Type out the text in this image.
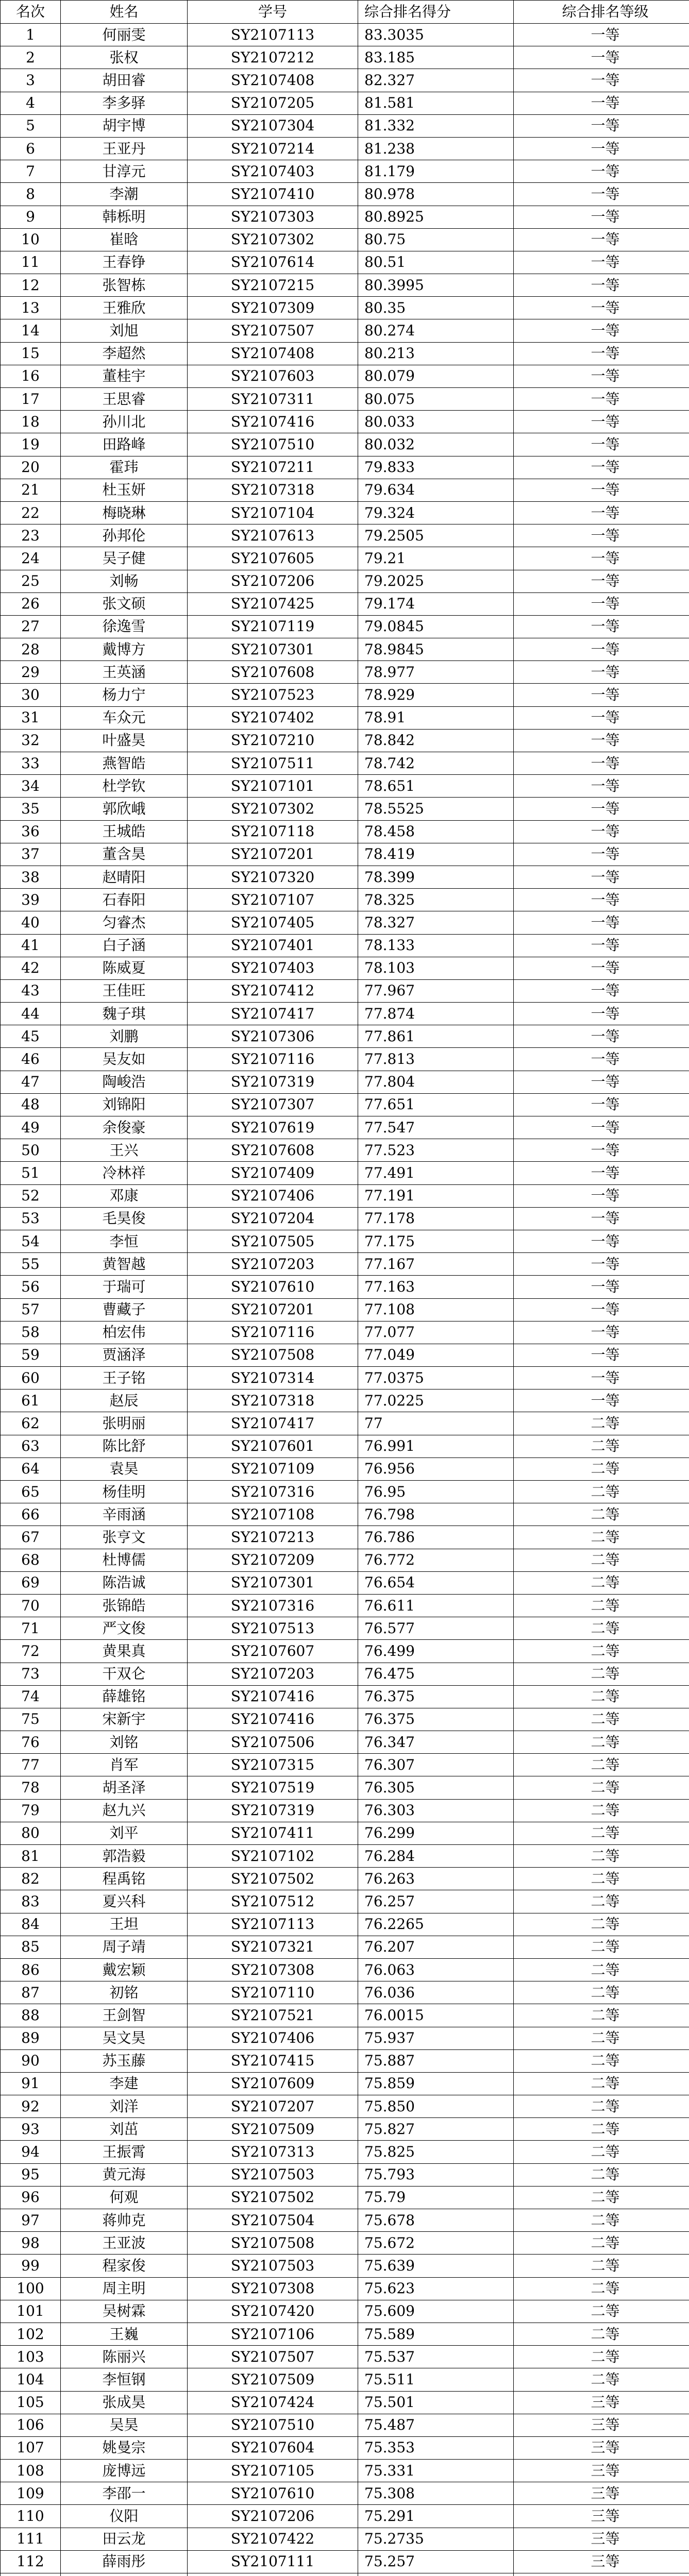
名次	姓名	学号	综合排名得分	综合排名等级
1	何丽雯	SY2107113	83.3035	一等
2	张权	SY2107212	83.185	一等
3	胡田睿	SY2107408	82.327	一等
4	李多驿	SY2107205	81.581	一等
5	胡宇博	SY2107304	81.332	一等
6	王亚丹	SY2107214	81.238	一等
7	甘淳元	SY2107403	81.179	一等
8	李潮	SY2107410	80.978	一等
9	韩栎明	SY2107303	80.8925	一等
10	崔晗	SY2107302	80.75	一等
11	王春铮	SY2107614	80.51	一等
12	张智栋	SY2107215	80.3995	一等
13	王雅欣	SY2107309	80.35	一等
14	刘旭	SY2107507	80.274	一等
15	李超然	SY2107408	80.213	一等
16	董桂宇	SY2107603	80.079	一等
17	王思睿	SY2107311	80.075	一等
18	孙川北	SY2107416	80.033	一等
19	田路峰	SY2107510	80.032	一等
20	霍玮	SY2107211	79.833	一等
21	杜玉妍	SY2107318	79.634	一等
22	梅晓琳	SY2107104	79.324	一等
23	孙邦伦	SY2107613	79.2505	一等
24	吴子健	SY2107605	79.21	一等
25	刘畅	SY2107206	79.2025	一等
26	张文硕	SY2107425	79.174	一等
27	徐逸雪	SY2107119	79.0845	一等
28	戴博方	SY2107301	78.9845	一等
29	王英涵	SY2107608	78.977	一等
30	杨力宁	SY2107523	78.929	一等
31	车众元	SY2107402	78.91	一等
32	叶盛昊	SY2107210	78.842	一等
33	燕智皓	SY2107511	78.742	一等
34	杜学钦	SY2107101	78.651	一等
35	郭欣峨	SY2107302	78.5525	一等
36	王城皓	SY2107118	78.458	一等
37	董含昊	SY2107201	78.419	一等
38	赵晴阳	SY2107320	78.399	一等
39	石春阳	SY2107107	78.325	一等
40	匀睿杰	SY2107405	78.327	一等
41	白子涵	SY2107401	78.133	一等
42	陈威夏	SY2107403	78.103	一等
43	王佳旺	SY2107412	77.967	一等
44	魏子琪	SY2107417	77.874	一等
45	刘鹏	SY2107306	77.861	一等
46	吴友如	SY2107116	77.813	一等
47	陶峻浩	SY2107319	77.804	一等
48	刘锦阳	SY2107307	77.651	一等
49	余俊豪	SY2107619	77.547	一等
50	王兴	SY2107608	77.523	一等
51	冷林祥	SY2107409	77.491	一等
52	邓康	SY2107406	77.191	一等
53	毛昊俊	SY2107204	77.178	一等
54	李恒	SY2107505	77.175	一等
55	黄智越	SY2107203	77.167	一等
56	于瑞可	SY2107610	77.163	一等
57	曹藏子	SY2107201	77.108	一等
58	柏宏伟	SY2107116	77.077	一等
59	贾涵泽	SY2107508	77.049	一等
60	王子铭	SY2107314	77.0375	一等
61	赵辰	SY2107318	77.0225	一等
62	张明丽	SY2107417	77	二等
63	陈比舒	SY2107601	76.991	二等
64	袁昊	SY2107109	76.956	二等
65	杨佳明	SY2107316	76.95	二等
66	辛雨涵	SY2107108	76.798	二等
67	张亨文	SY2107213	76.786	二等
68	杜博儒	SY2107209	76.772	二等
69	陈浩诚	SY2107301	76.654	二等
70	张锦皓	SY2107316	76.611	二等
71	严文俊	SY2107513	76.577	二等
72	黄果真	SY2107607	76.499	二等
73	干双仑	SY2107203	76.475	二等
74	薛雄铭	SY2107416	76.375	二等
75	宋新宇	SY2107416	76.375	二等
76	刘铭	SY2107506	76.347	二等
77	肖军	SY2107315	76.307	二等
78	胡圣泽	SY2107519	76.305	二等
79	赵九兴	SY2107319	76.303	二等
80	刘平	SY2107411	76.299	二等
81	郭浩毅	SY2107102	76.284	二等
82	程禹铭	SY2107502	76.263	二等
83	夏兴科	SY2107512	76.257	二等
84	王坦	SY2107113	76.2265	二等
85	周子靖	SY2107321	76.207	二等
86	戴宏颖	SY2107308	76.063	二等
87	初铭	SY2107110	76.036	二等
88	王剑智	SY2107521	76.0015	二等
89	吴文昊	SY2107406	75.937	二等
90	苏玉藤	SY2107415	75.887	二等
91	李建	SY2107609	75.859	二等
92	刘洋	SY2107207	75.850	二等
93	刘茁	SY2107509	75.827	二等
94	王振霄	SY2107313	75.825	二等
95	黄元海	SY2107503	75.793	二等
96	何观	SY2107502	75.79	二等
97	蒋帅克	SY2107504	75.678	二等
98	王亚波	SY2107508	75.672	二等
99	程家俊	SY2107503	75.639	二等
100	周主明	SY2107308	75.623	二等
101	吴树霖	SY2107420	75.609	二等
102	王巍	SY2107106	75.589	二等
103	陈丽兴	SY2107507	75.537	二等
104	李恒钢	SY2107509	75.511	二等
105	张成昊	SY2107424	75.501	三等
106	吴昊	SY2107510	75.487	三等
107	姚曼宗	SY2107604	75.353	三等
108	庞博远	SY2107105	75.331	三等
109	李邵一	SY2107610	75.308	三等
110	仪阳	SY2107206	75.291	三等
111	田云龙	SY2107422	75.2735	三等
112	薛雨彤	SY2107111	75.257	三等
